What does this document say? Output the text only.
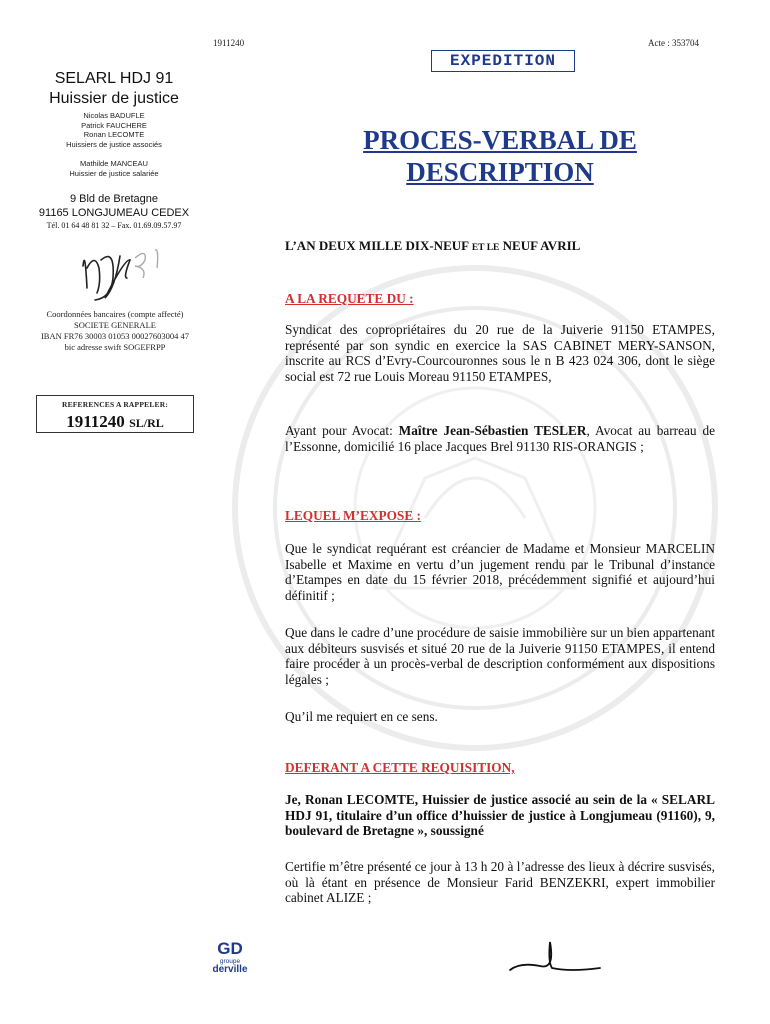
1911240	Acte : 353704
EXPEDITION
SELARL HDJ 91
Huissier de justice
Nicolas BADUFLE
Patrick FAUCHERE
Ronan LECOMTE
Huissiers de justice associés
Mathilde MANCEAU
Huissier de justice salariée
9 Bld de Bretagne
91165 LONGJUMEAU CEDEX
Tél. 01 64 48 81 32 – Fax. 01.69.09.57.97
Coordonnées bancaires (compte affecté)
SOCIETE GENERALE
IBAN FR76 30003 01053 00027603004 47
bic adresse swift SOGEFRPP
REFERENCES A RAPPELER:
1911240 SL/RL
PROCES-VERBAL DE
DESCRIPTION
L’AN DEUX MILLE DIX-NEUF ET LE NEUF AVRIL
A LA REQUETE DU :
Syndicat des copropriétaires du 20 rue de la Juiverie 91150 ETAMPES, représenté par son syndic en exercice la SAS CABINET MERY-SANSON, inscrite au RCS d’Evry-Courcouronnes sous le n B 423 024 306, dont le siège social est 72 rue Louis Moreau 91150 ETAMPES,
Ayant pour Avocat: Maître Jean-Sébastien TESLER, Avocat au barreau de l’Essonne, domicilié 16 place Jacques Brel 91130 RIS-ORANGIS ;
LEQUEL M’EXPOSE :
Que le syndicat requérant est créancier de Madame et Monsieur MARCELIN Isabelle et Maxime en vertu d’un jugement rendu par le Tribunal d’instance d’Etampes en date du 15 février 2018, précédemment signifié et aujourd’hui définitif ;
Que dans le cadre d’une procédure de saisie immobilière sur un bien appartenant aux débiteurs susvisés et situé 20 rue de la Juiverie 91150 ETAMPES, il entend faire procéder à un procès-verbal de description conformément aux dispositions légales ;
Qu’il me requiert en ce sens.
DEFERANT A CETTE REQUISITION,
Je, Ronan LECOMTE, Huissier de justice associé au sein de la « SELARL HDJ 91, titulaire d’un office d’huissier de justice à Longjumeau (91160), 9, boulevard de Bretagne », soussigné
Certifie m’être présenté ce jour à 13 h 20 à l’adresse des lieux à décrire susvisés, où là étant en présence de Monsieur Farid BENZEKRI, expert immobilier cabinet ALIZE ;
GD
groupe
derville
